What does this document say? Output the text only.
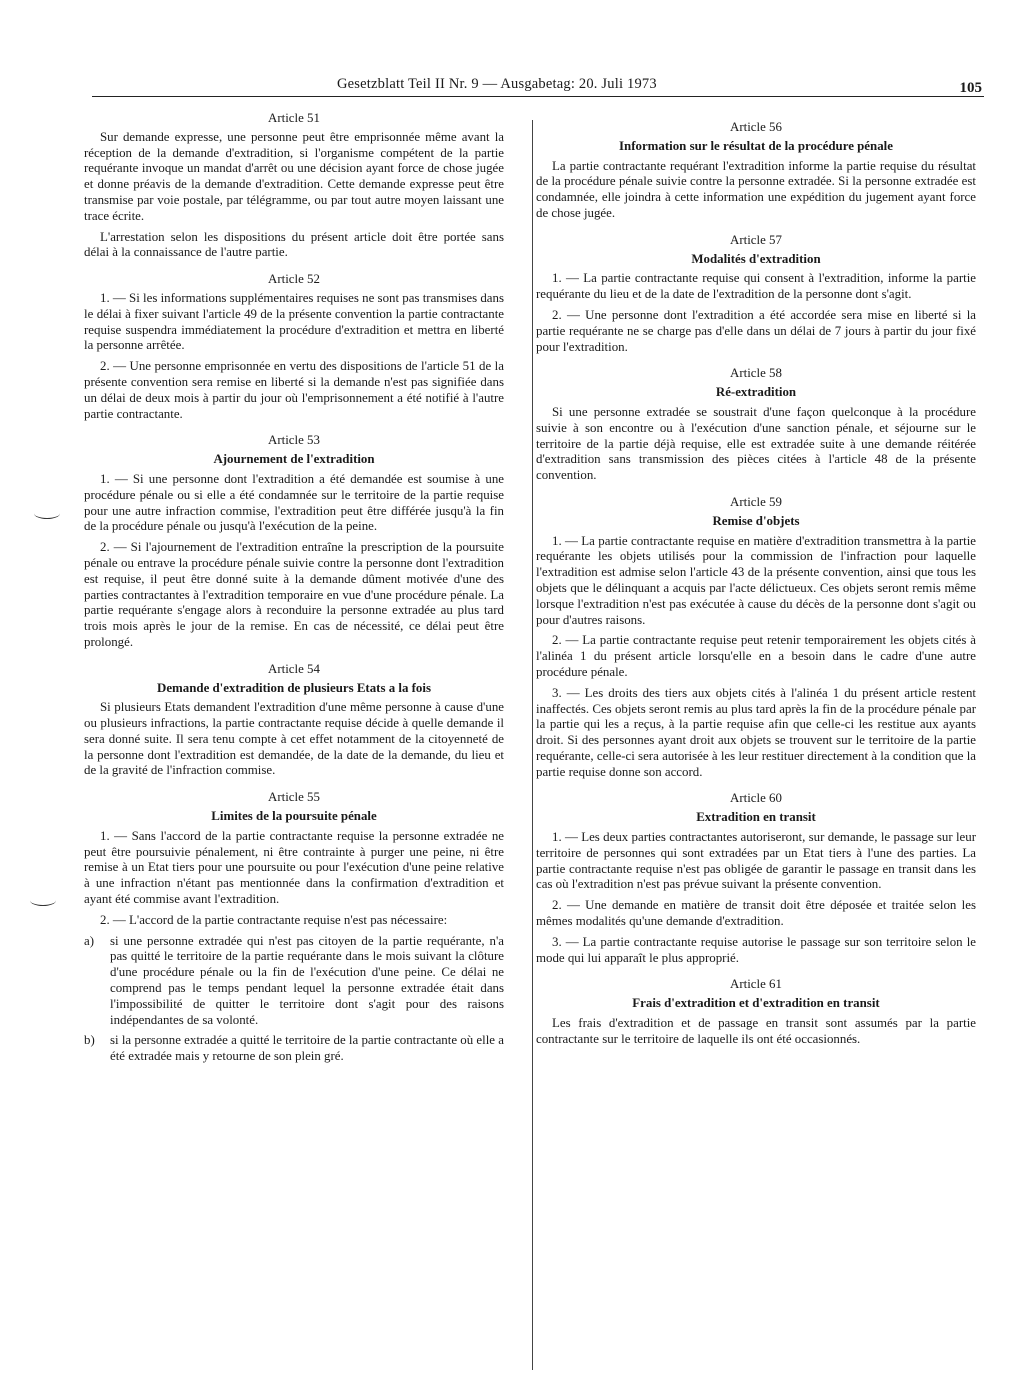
Gesetzblatt Teil II Nr. 9 — Ausgabetag: 20. Juli 1973	105
Article 51

Sur demande expresse, une personne peut être emprisonnée même avant la réception de la demande d'extradition, si l'organisme compétent de la partie requérante invoque un mandat d'arrêt ou une décision ayant force de chose jugée et donne préavis de la demande d'extradition. Cette demande expresse peut être transmise par voie postale, par télégramme, ou par tout autre moyen laissant une trace écrite.

L'arrestation selon les dispositions du présent article doit être portée sans délai à la connaissance de l'autre partie.

Article 52

1. — Si les informations supplémentaires requises ne sont pas transmises dans le délai à fixer suivant l'article 49 de la présente convention la partie contractante requise suspendra immédiatement la procédure d'extradition et mettra en liberté la personne arrêtée.

2. — Une personne emprisonnée en vertu des dispositions de l'article 51 de la présente convention sera remise en liberté si la demande n'est pas signifiée dans un délai de deux mois à partir du jour où l'emprisonnement a été notifié à l'autre partie contractante.

Article 53
Ajournement de l'extradition

1. — Si une personne dont l'extradition a été demandée est soumise à une procédure pénale ou si elle a été condamnée sur le territoire de la partie requise pour une autre infraction commise, l'extradition peut être différée jusqu'à la fin de la procédure pénale ou jusqu'à l'exécution de la peine.

2. — Si l'ajournement de l'extradition entraîne la prescription de la poursuite pénale ou entrave la procédure pénale suivie contre la personne dont l'extradition est requise, il peut être donné suite à la demande dûment motivée d'une des parties contractantes à l'extradition temporaire en vue d'une procédure pénale. La partie requérante s'engage alors à reconduire la personne extradée au plus tard trois mois après le jour de la remise. En cas de nécessité, ce délai peut être prolongé.

Article 54
Demande d'extradition de plusieurs Etats a la fois

Si plusieurs Etats demandent l'extradition d'une même personne à cause d'une ou plusieurs infractions, la partie contractante requise décide à quelle demande il sera donné suite. Il sera tenu compte à cet effet notamment de la citoyenneté de la personne dont l'extradition est demandée, de la date de la demande, du lieu et de la gravité de l'infraction commise.

Article 55
Limites de la poursuite pénale

1. — Sans l'accord de la partie contractante requise la personne extradée ne peut être poursuivie pénalement, ni être contrainte à purger une peine, ni être remise à un Etat tiers pour une poursuite ou pour l'exécution d'une peine relative à une infraction n'étant pas mentionnée dans la confirmation d'extradition et ayant été commise avant l'extradition.

2. — L'accord de la partie contractante requise n'est pas nécessaire:

a)	si une personne extradée qui n'est pas citoyen de la partie requérante, n'a pas quitté le territoire de la partie requérante dans le mois suivant la clôture d'une procédure pénale ou la fin de l'exécution d'une peine. Ce délai ne comprend pas le temps pendant lequel la personne extradée était dans l'impossibilité de quitter le territoire dont s'agit pour des raisons indépendantes de sa volonté.
b)	si la personne extradée a quitté le territoire de la partie contractante où elle a été extradée mais y retourne de son plein gré.
Article 56
Information sur le résultat de la procédure pénale

La partie contractante requérant l'extradition informe la partie requise du résultat de la procédure pénale suivie contre la personne extradée. Si la personne extradée est condamnée, elle joindra à cette information une expédition du jugement ayant force de chose jugée.

Article 57
Modalités d'extradition

1. — La partie contractante requise qui consent à l'extradition, informe la partie requérante du lieu et de la date de l'extradition de la personne dont s'agit.

2. — Une personne dont l'extradition a été accordée sera mise en liberté si la partie requérante ne se charge pas d'elle dans un délai de 7 jours à partir du jour fixé pour l'extradition.

Article 58
Ré-extradition

Si une personne extradée se soustrait d'une façon quelconque à la procédure suivie à son encontre ou à l'exécution d'une sanction pénale, et séjourne sur le territoire de la partie déjà requise, elle est extradée suite à une demande réitérée d'extradition sans transmission des pièces citées à l'article 48 de la présente convention.

Article 59
Remise d'objets

1. — La partie contractante requise en matière d'extradition transmettra à la partie requérante les objets utilisés pour la commission de l'infraction pour laquelle l'extradition est admise selon l'article 43 de la présente convention, ainsi que tous les objets que le délinquant a acquis par l'acte délictueux. Ces objets seront remis même lorsque l'extradition n'est pas exécutée à cause du décès de la personne dont s'agit ou pour d'autres raisons.

2. — La partie contractante requise peut retenir temporairement les objets cités à l'alinéa 1 du présent article lorsqu'elle en a besoin dans le cadre d'une autre procédure pénale.

3. — Les droits des tiers aux objets cités à l'alinéa 1 du présent article restent inaffectés. Ces objets seront remis au plus tard après la fin de la procédure pénale par la partie qui les a reçus, à la partie requise afin que celle-ci les restitue aux ayants droit. Si des personnes ayant droit aux objets se trouvent sur le territoire de la partie requérante, celle-ci sera autorisée à les leur restituer directement à la condition que la partie requise donne son accord.

Article 60
Extradition en transit

1. — Les deux parties contractantes autoriseront, sur demande, le passage sur leur territoire de personnes qui sont extradées par un Etat tiers à l'une des parties. La partie contractante requise n'est pas obligée de garantir le passage en transit dans les cas où l'extradition n'est pas prévue suivant la présente convention.

2. — Une demande en matière de transit doit être déposée et traitée selon les mêmes modalités qu'une demande d'extradition.

3. — La partie contractante requise autorise le passage sur son territoire selon le mode qui lui apparaît le plus approprié.

Article 61
Frais d'extradition et d'extradition en transit

Les frais d'extradition et de passage en transit sont assumés par la partie contractante sur le territoire de laquelle ils ont été occasionnés.
